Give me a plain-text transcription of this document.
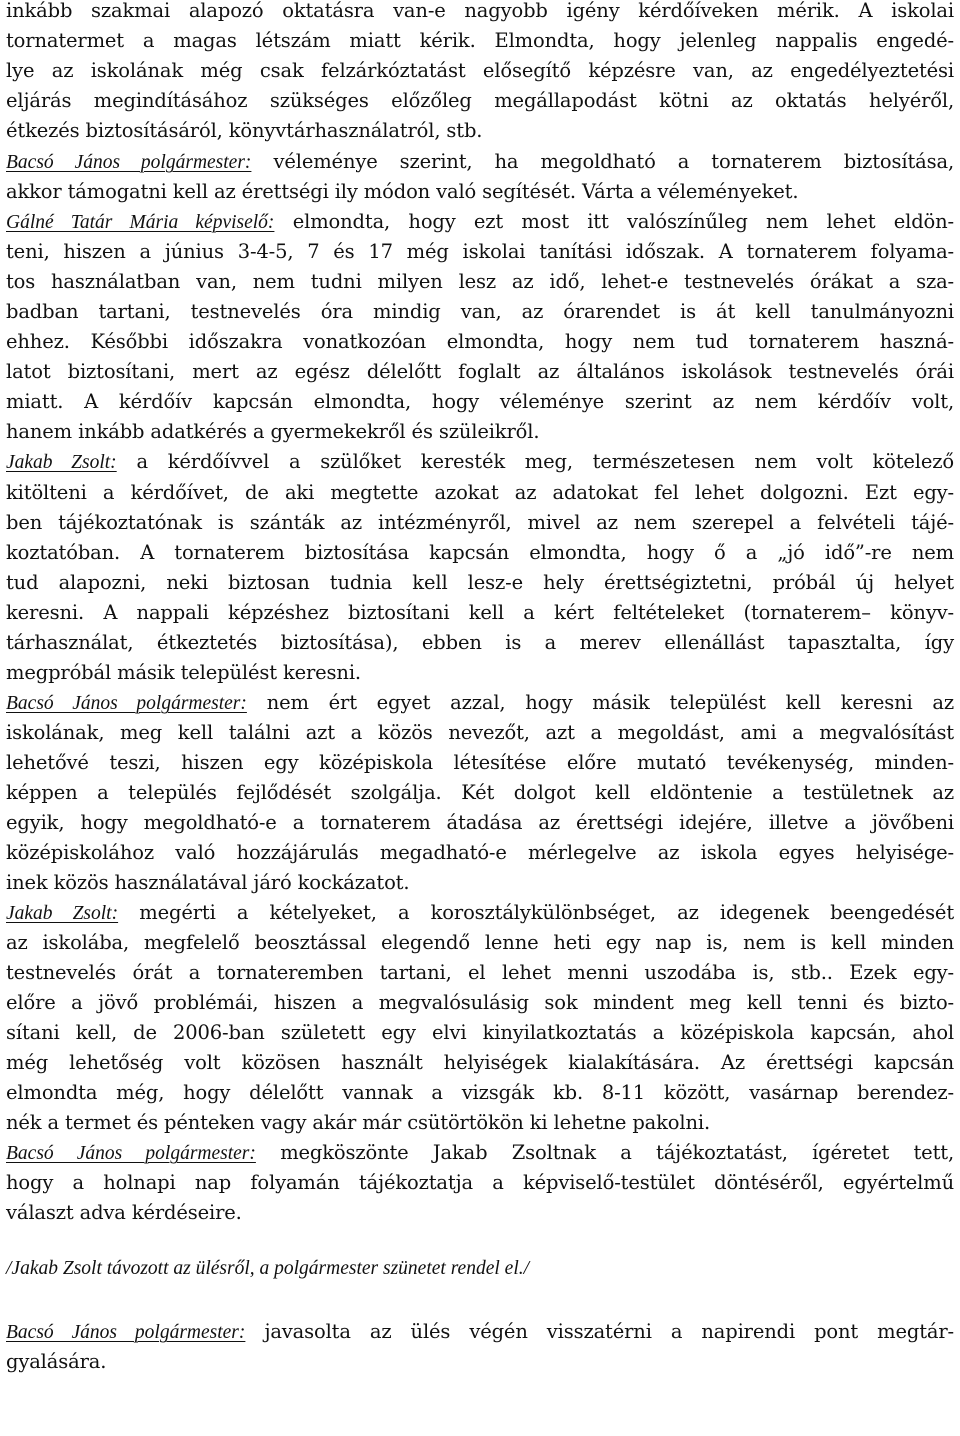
inkább szakmai alapozó oktatásra van-e nagyobb igény kérdőíveken mérik. A iskolai
tornatermet a magas létszám miatt kérik. Elmondta, hogy jelenleg nappalis engedé-
lye az iskolának még csak felzárkóztatást elősegítő képzésre van, az engedélyeztetési
eljárás megindításához szükséges előzőleg megállapodást kötni az oktatás helyéről,
étkezés biztosításáról, könyvtárhasználatról, stb.
Bacsó János polgármester: véleménye szerint, ha megoldható a tornaterem biztosítása,
akkor támogatni kell az érettségi ily módon való segítését. Várta a véleményeket.
Gálné Tatár Mária képviselő: elmondta, hogy ezt most itt valószínűleg nem lehet eldön-
teni, hiszen a június 3-4-5, 7 és 17 még iskolai tanítási időszak. A tornaterem folyama-
tos használatban van, nem tudni milyen lesz az idő, lehet-e testnevelés órákat a sza-
badban tartani, testnevelés óra mindig van, az órarendet is át kell tanulmányozni
ehhez. Későbbi időszakra vonatkozóan elmondta, hogy nem tud tornaterem haszná-
latot biztosítani, mert az egész délelőtt foglalt az általános iskolások testnevelés órái
miatt. A kérdőív kapcsán elmondta, hogy véleménye szerint az nem kérdőív volt,
hanem inkább adatkérés a gyermekekről és szüleikről.
Jakab Zsolt: a kérdőívvel a szülőket keresték meg, természetesen nem volt kötelező
kitölteni a kérdőívet, de aki megtette azokat az adatokat fel lehet dolgozni. Ezt egy-
ben tájékoztatónak is szánták az intézményről, mivel az nem szerepel a felvételi tájé-
koztatóban. A tornaterem biztosítása kapcsán elmondta, hogy ő a „jó idő”-re nem
tud alapozni, neki biztosan tudnia kell lesz-e hely érettségiztetni, próbál új helyet
keresni. A nappali képzéshez biztosítani kell a kért feltételeket (tornaterem– könyv-
tárhasználat, étkeztetés biztosítása), ebben is a merev ellenállást tapasztalta, így
megpróbál másik települést keresni.
Bacsó János polgármester: nem ért egyet azzal, hogy másik települést kell keresni az
iskolának, meg kell találni azt a közös nevezőt, azt a megoldást, ami a megvalósítást
lehetővé teszi, hiszen egy középiskola létesítése előre mutató tevékenység, minden-
képpen a település fejlődését szolgálja. Két dolgot kell eldöntenie a testületnek az
egyik, hogy megoldható-e a tornaterem átadása az érettségi idejére, illetve a jövőbeni
középiskolához való hozzájárulás megadható-e mérlegelve az iskola egyes helyisége-
inek közös használatával járó kockázatot.
Jakab Zsolt: megérti a kételyeket, a korosztálykülönbséget, az idegenek beengedését
az iskolába, megfelelő beosztással elegendő lenne heti egy nap is, nem is kell minden
testnevelés órát a tornateremben tartani, el lehet menni uszodába is, stb.. Ezek egy-
előre a jövő problémái, hiszen a megvalósulásig sok mindent meg kell tenni és bizto-
sítani kell, de 2006-ban született egy elvi kinyilatkoztatás a középiskola kapcsán, ahol
még lehetőség volt közösen használt helyiségek kialakítására. Az érettségi kapcsán
elmondta még, hogy délelőtt vannak a vizsgák kb. 8-11 között, vasárnap berendez-
nék a termet és pénteken vagy akár már csütörtökön ki lehetne pakolni.
Bacsó János polgármester: megköszönte Jakab Zsoltnak a tájékoztatást, ígéretet tett,
hogy a holnapi nap folyamán tájékoztatja a képviselő-testület döntéséről, egyértelmű
választ adva kérdéseire.
/Jakab Zsolt távozott az ülésről, a polgármester szünetet rendel el./
Bacsó János polgármester: javasolta az ülés végén visszatérni a napirendi pont megtár-
gyalására.
